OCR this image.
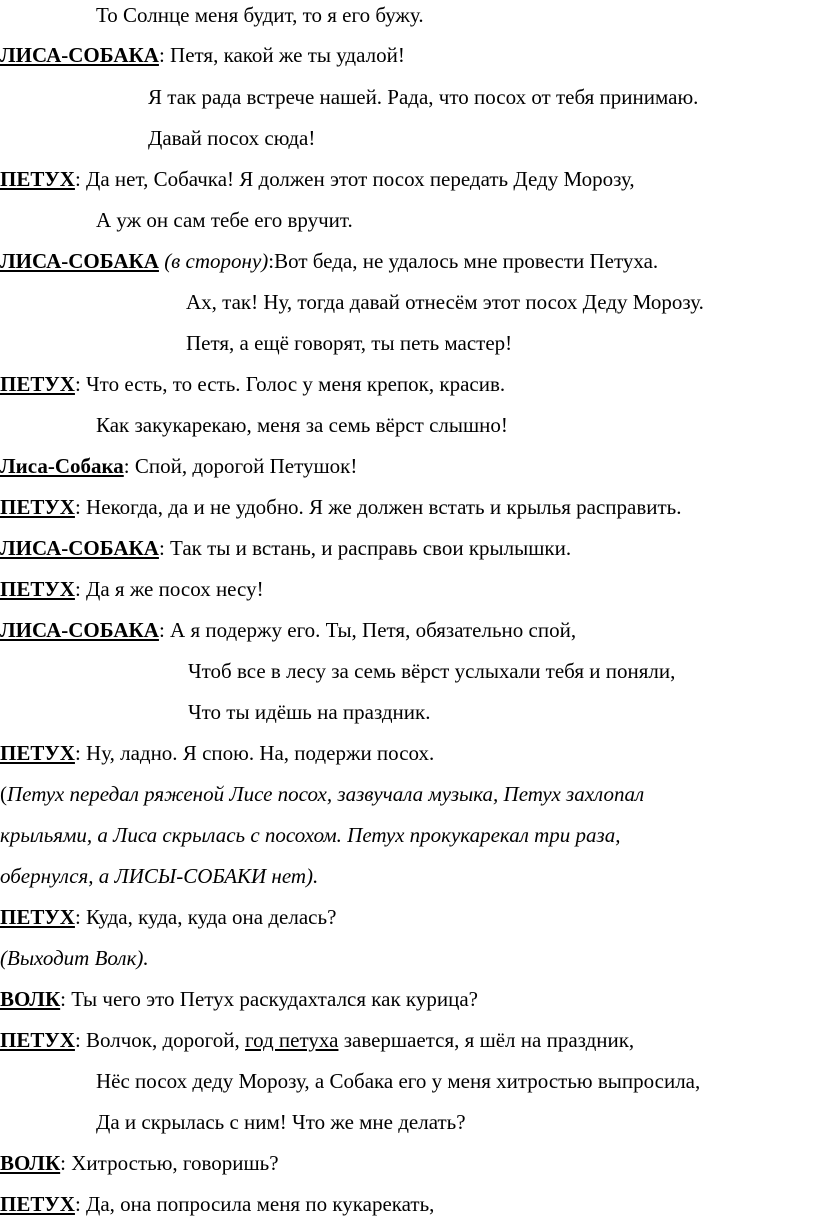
То Солнце меня будит, то я его бужу.
ЛИСА-СОБАКА: Петя, какой же ты удалой!
Я так рада встрече нашей. Рада, что посох от тебя принимаю.
Давай посох сюда!
ПЕТУХ: Да нет, Собачка! Я должен этот посох передать Деду Морозу,
А уж он сам тебе его вручит.
ЛИСА-СОБАКА (в сторону):Вот беда, не удалось мне провести Петуха.
Ах, так! Ну, тогда давай отнесём этот посох Деду Морозу.
Петя, а ещё говорят, ты петь мастер!
ПЕТУХ: Что есть, то есть. Голос у меня крепок, красив.
Как закукарекаю, меня за семь вёрст слышно!
Лиса-Собака: Спой, дорогой Петушок!
ПЕТУХ: Некогда, да и не удобно. Я же должен встать и крылья расправить.
ЛИСА-СОБАКА: Так ты и встань, и расправь свои крылышки.
ПЕТУХ: Да я же посох несу!
ЛИСА-СОБАКА: А я подержу его. Ты, Петя, обязательно спой,
Чтоб все в лесу за семь вёрст услыхали тебя и поняли,
Что ты идёшь на праздник.
ПЕТУХ: Ну, ладно. Я спою. На, подержи посох.
(Петух передал ряженой Лисе посох, зазвучала музыка, Петух захлопал
крыльями, а Лиса скрылась с посохом. Петух прокукарекал три раза,
обернулся, а ЛИСЫ-СОБАКИ нет).
ПЕТУХ: Куда, куда, куда она делась?
(Выходит Волк).
ВОЛК: Ты чего это Петух раскудахтался как курица?
ПЕТУХ: Волчок, дорогой, год петуха завершается, я шёл на праздник,
Нёс посох деду Морозу, а Собака его у меня хитростью выпросила,
Да и скрылась с ним! Что же мне делать?
ВОЛК: Хитростью, говоришь?
ПЕТУХ: Да, она попросила меня по кукарекать,
